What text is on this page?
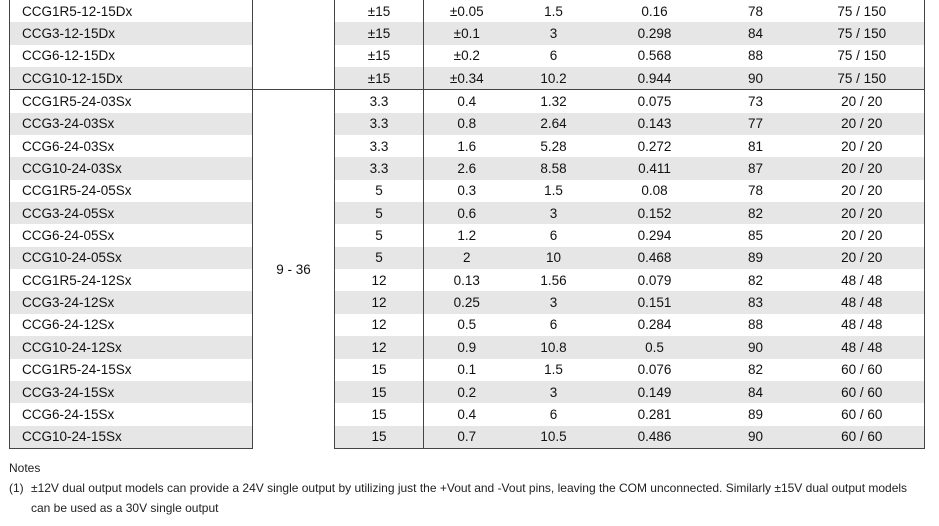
CCG1R5-12-15Dx		±15	±0.05	1.5	0.16	78	75 / 150
CCG3-12-15Dx		±15	±0.1	3	0.298	84	75 / 150
CCG6-12-15Dx		±15	±0.2	6	0.568	88	75 / 150
CCG10-12-15Dx		±15	±0.34	10.2	0.944	90	75 / 150
CCG1R5-24-03Sx	9 - 36	3.3	0.4	1.32	0.075	73	20 / 20
CCG3-24-03Sx		3.3	0.8	2.64	0.143	77	20 / 20
CCG6-24-03Sx		3.3	1.6	5.28	0.272	81	20 / 20
CCG10-24-03Sx		3.3	2.6	8.58	0.411	87	20 / 20
CCG1R5-24-05Sx		5	0.3	1.5	0.08	78	20 / 20
CCG3-24-05Sx		5	0.6	3	0.152	82	20 / 20
CCG6-24-05Sx		5	1.2	6	0.294	85	20 / 20
CCG10-24-05Sx		5	2	10	0.468	89	20 / 20
CCG1R5-24-12Sx		12	0.13	1.56	0.079	82	48 / 48
CCG3-24-12Sx		12	0.25	3	0.151	83	48 / 48
CCG6-24-12Sx		12	0.5	6	0.284	88	48 / 48
CCG10-24-12Sx		12	0.9	10.8	0.5	90	48 / 48
CCG1R5-24-15Sx		15	0.1	1.5	0.076	82	60 / 60
CCG3-24-15Sx		15	0.2	3	0.149	84	60 / 60
CCG6-24-15Sx		15	0.4	6	0.281	89	60 / 60
CCG10-24-15Sx		15	0.7	10.5	0.486	90	60 / 60
Notes
(1) ±12V dual output models can provide a 24V single output by utilizing just the +Vout and -Vout pins, leaving the COM unconnected. Similarly ±15V dual output models can be used as a 30V single output
